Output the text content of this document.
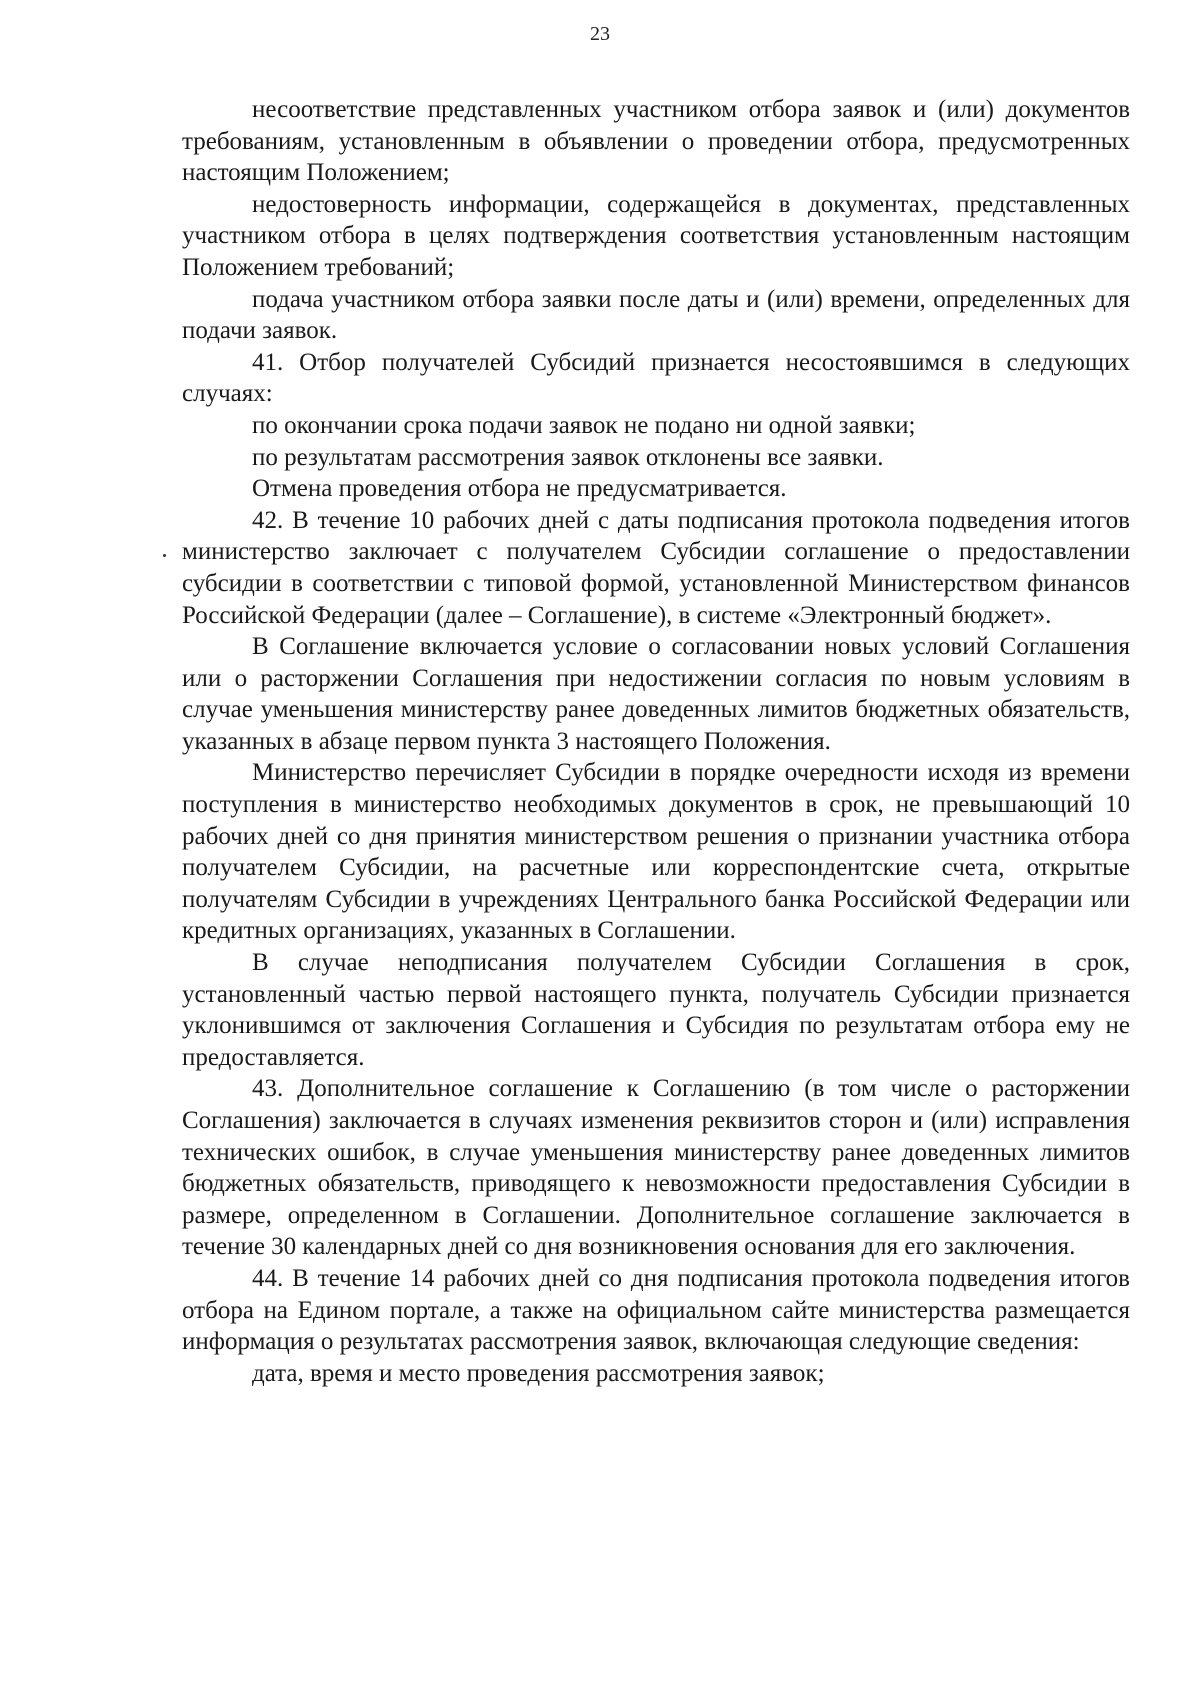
23

несоответствие представленных участником отбора заявок и (или) документов требованиям, установленным в объявлении о проведении отбора, предусмотренных настоящим Положением;

недостоверность информации, содержащейся в документах, представленных участником отбора в целях подтверждения соответствия установленным настоящим Положением требований;

подача участником отбора заявки после даты и (или) времени, определенных для подачи заявок.

41. Отбор получателей Субсидий признается несостоявшимся в следующих случаях:

по окончании срока подачи заявок не подано ни одной заявки;

по результатам рассмотрения заявок отклонены все заявки.

Отмена проведения отбора не предусматривается.

42. В течение 10 рабочих дней с даты подписания протокола подведения итогов министерство заключает с получателем Субсидии соглашение о предоставлении субсидии в соответствии с типовой формой, установленной Министерством финансов Российской Федерации (далее – Соглашение), в системе «Электронный бюджет».

В Соглашение включается условие о согласовании новых условий Соглашения или о расторжении Соглашения при недостижении согласия по новым условиям в случае уменьшения министерству ранее доведенных лимитов бюджетных обязательств, указанных в абзаце первом пункта 3 настоящего Положения.

Министерство перечисляет Субсидии в порядке очередности исходя из времени поступления в министерство необходимых документов в срок, не превышающий 10 рабочих дней со дня принятия министерством решения о признании участника отбора получателем Субсидии, на расчетные или корреспондентские счета, открытые получателям Субсидии в учреждениях Центрального банка Российской Федерации или кредитных организациях, указанных в Соглашении.

В случае неподписания получателем Субсидии Соглашения в срок, установленный частью первой настоящего пункта, получатель Субсидии признается уклонившимся от заключения Соглашения и Субсидия по результатам отбора ему не предоставляется.

43. Дополнительное соглашение к Соглашению (в том числе о расторжении Соглашения) заключается в случаях изменения реквизитов сторон и (или) исправления технических ошибок, в случае уменьшения министерству ранее доведенных лимитов бюджетных обязательств, приводящего к невозможности предоставления Субсидии в размере, определенном в Соглашении. Дополнительное соглашение заключается в течение 30 календарных дней со дня возникновения основания для его заключения.

44. В течение 14 рабочих дней со дня подписания протокола подведения итогов отбора на Едином портале, а также на официальном сайте министерства размещается информация о результатах рассмотрения заявок, включающая следующие сведения:

дата, время и место проведения рассмотрения заявок;
